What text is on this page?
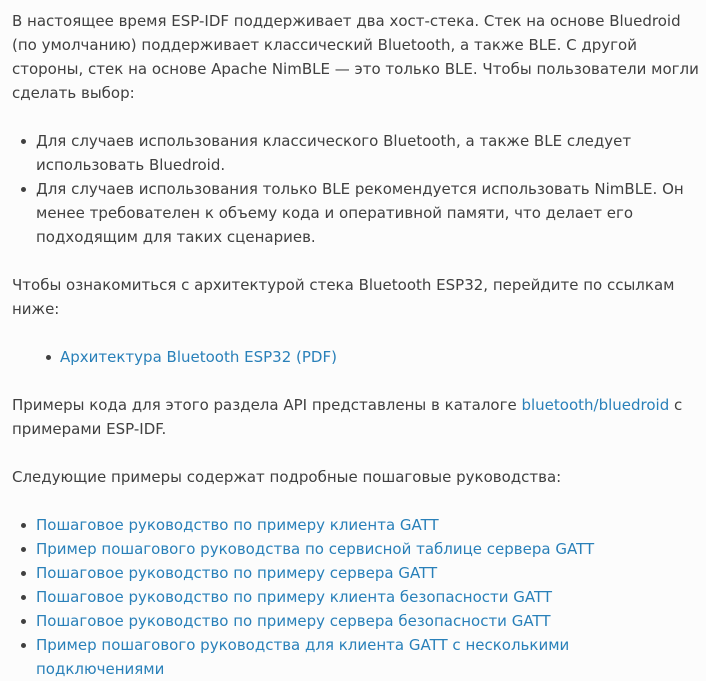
В настоящее время ESP-IDF поддерживает два хост-стека. Стек на основе Bluedroid (по умолчанию) поддерживает классический Bluetooth, а также BLE. С другой стороны, стек на основе Apache NimBLE — это только BLE. Чтобы пользователи могли сделать выбор:

Для случаев использования классического Bluetooth, а также BLE следует использовать Bluedroid.
Для случаев использования только BLE рекомендуется использовать NimBLE. Он менее требователен к объему кода и оперативной памяти, что делает его подходящим для таких сценариев.

Чтобы ознакомиться с архитектурой стека Bluetooth ESP32, перейдите по ссылкам ниже:

Архитектура Bluetooth ESP32 (PDF)

Примеры кода для этого раздела API представлены в каталоге bluetooth/bluedroid с примерами ESP-IDF.

Следующие примеры содержат подробные пошаговые руководства:

Пошаговое руководство по примеру клиента GATT
Пример пошагового руководства по сервисной таблице сервера GATT
Пошаговое руководство по примеру сервера GATT
Пошаговое руководство по примеру клиента безопасности GATT
Пошаговое руководство по примеру сервера безопасности GATT
Пример пошагового руководства для клиента GATT с несколькими подключениями
